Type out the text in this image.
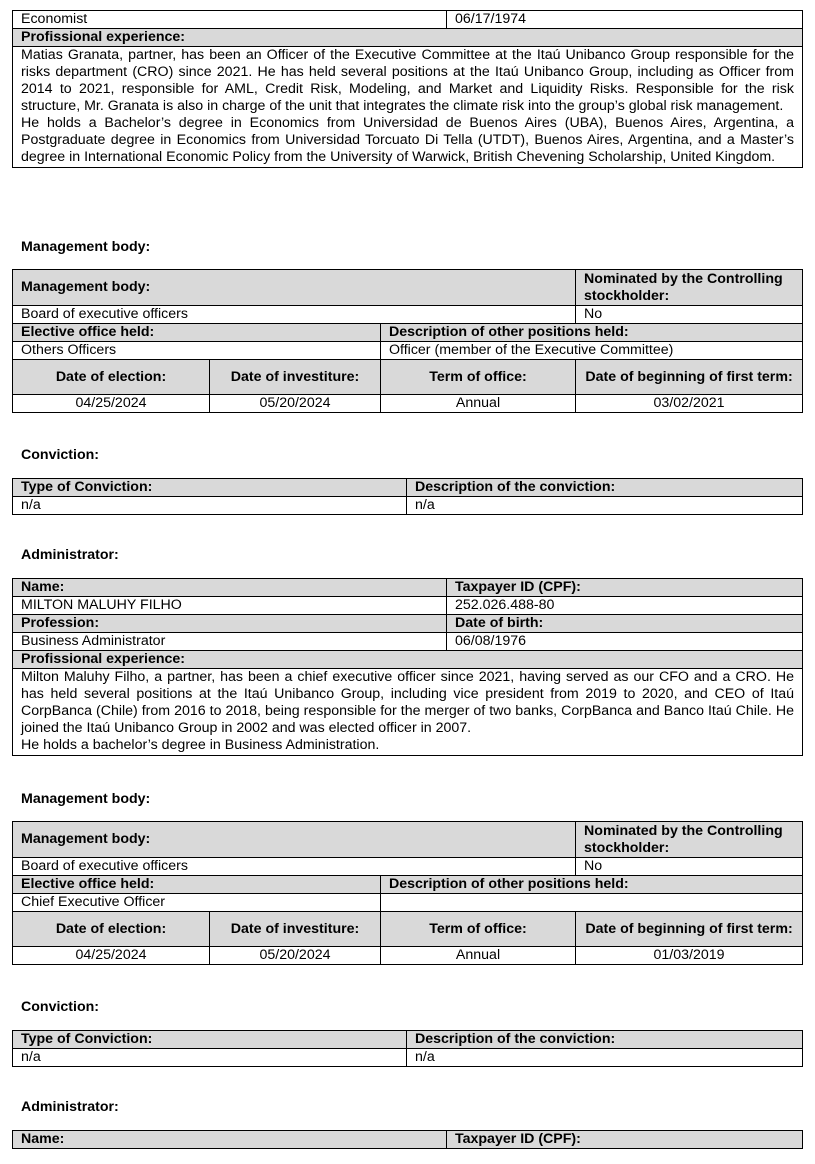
Economist	06/17/1974
Profissional experience:

Matias Granata, partner, has been an Officer of the Executive Committee at the Itaú Unibanco Group responsible for the risks department (CRO) since 2021. He has held several positions at the Itaú Unibanco Group, including as Officer from 2014 to 2021, responsible for AML, Credit Risk, Modeling, and Market and Liquidity Risks. Responsible for the risk structure, Mr. Granata is also in charge of the unit that integrates the climate risk into the group’s global risk management.
He holds a Bachelor’s degree in Economics from Universidad de Buenos Aires (UBA), Buenos Aires, Argentina, a Postgraduate degree in Economics from Universidad Torcuato Di Tella (UTDT), Buenos Aires, Argentina, and a Master’s degree in International Economic Policy from the University of Warwick, British Chevening Scholarship, United Kingdom.
Management body:
Management body:			Nominated by the Controlling stockholder:
Board of executive officers			No
Elective office held:		Description of other positions held:	
Others Officers		Officer (member of the Executive Committee)	
Date of election:	Date of investiture:	Term of office:	Date of beginning of first term:
04/25/2024	05/20/2024	Annual	03/02/2021
Conviction:
Type of Conviction:	Description of the conviction:
n/a	n/a
Administrator:
Name:	Taxpayer ID (CPF):
MILTON MALUHY FILHO	252.026.488-80
Profession:	Date of birth:
Business Administrator	06/08/1976
Profissional experience:	

Milton Maluhy Filho, a partner, has been a chief executive officer since 2021, having served as our CFO and a CRO. He has held several positions at the Itaú Unibanco Group, including vice president from 2019 to 2020, and CEO of Itaú CorpBanca (Chile) from 2016 to 2018, being responsible for the merger of two banks, CorpBanca and Banco Itaú Chile. He joined the Itaú Unibanco Group in 2002 and was elected officer in 2007.
He holds a bachelor’s degree in Business Administration.	
Management body:
Management body:			Nominated by the Controlling stockholder:
Board of executive officers			No
Elective office held:		Description of other positions held:	
Chief Executive Officer			
Date of election:	Date of investiture:	Term of office:	Date of beginning of first term:
04/25/2024	05/20/2024	Annual	01/03/2019
Conviction:
Type of Conviction:	Description of the conviction:
n/a	n/a
Administrator:
Name:	Taxpayer ID (CPF):
